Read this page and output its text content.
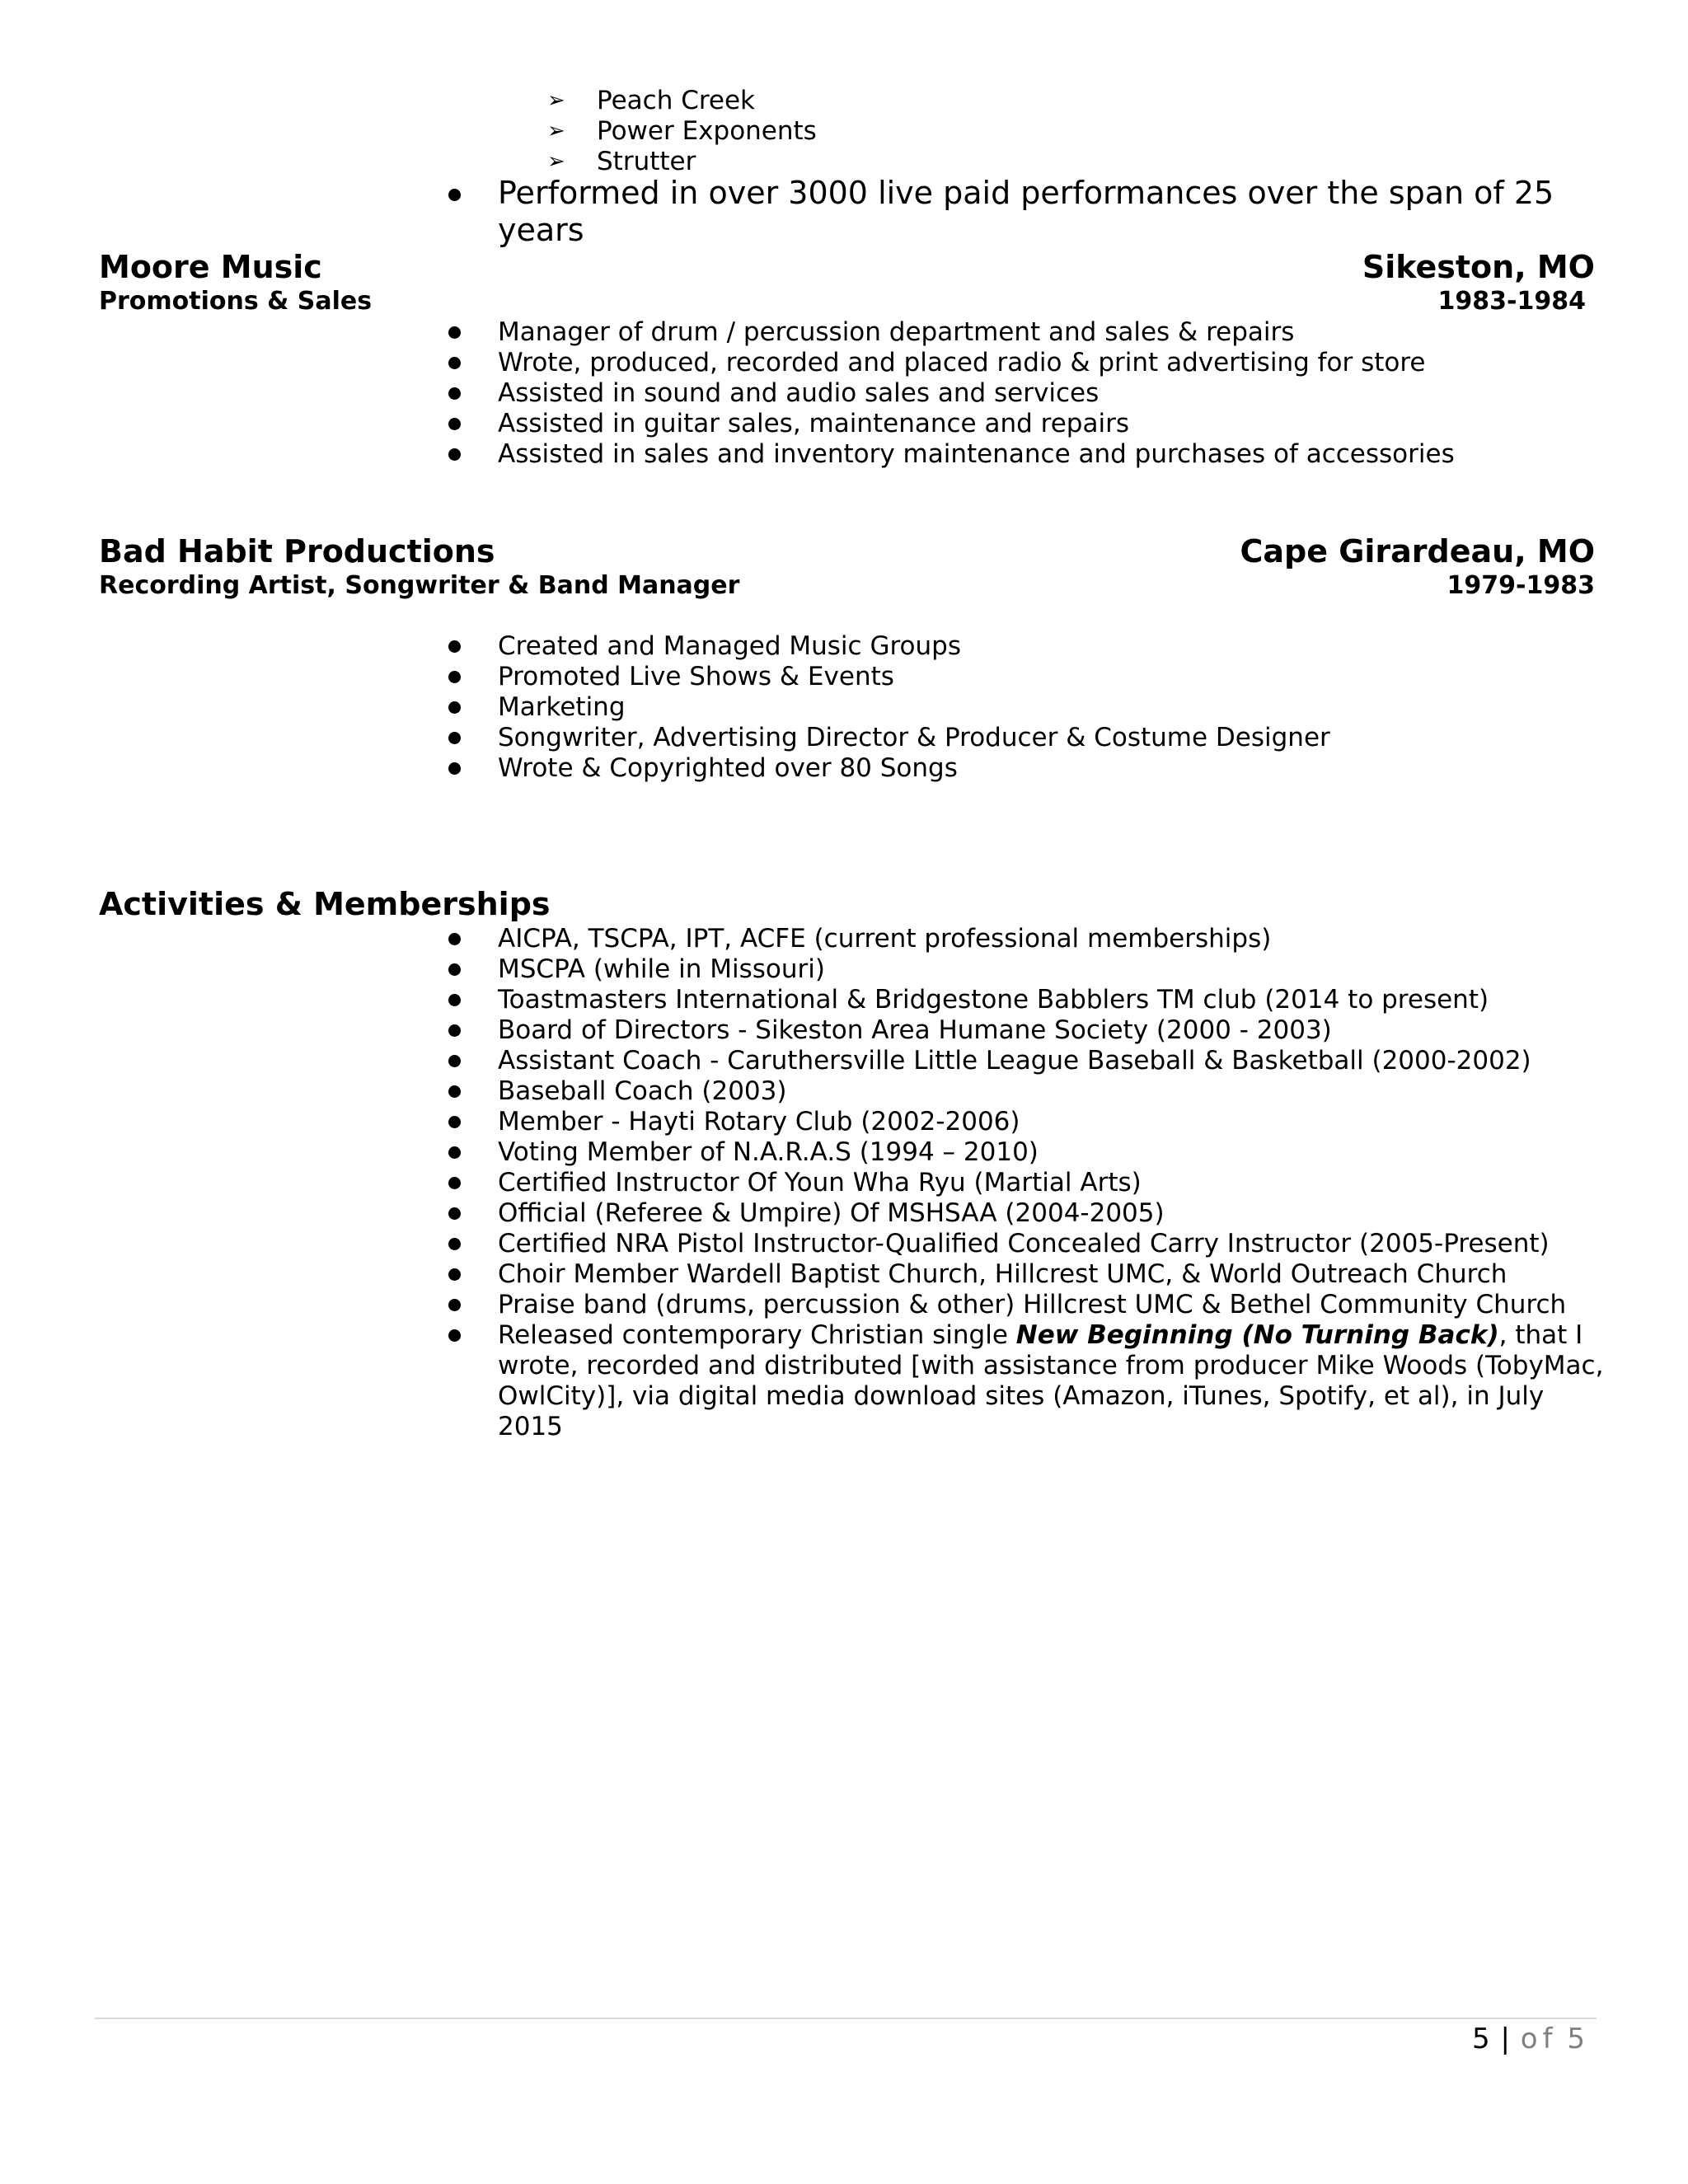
➢ Peach Creek
➢ Power Exponents
➢ Strutter
Performed in over 3000 live paid performances over the span of 25 years
Moore Music	Sikeston, MO
Promotions & Sales	1983-1984
Manager of drum / percussion department and sales & repairs
Wrote, produced, recorded and placed radio & print advertising for store
Assisted in sound and audio sales and services
Assisted in guitar sales, maintenance and repairs
Assisted in sales and inventory maintenance and purchases of accessories
Bad Habit Productions	Cape Girardeau, MO
Recording Artist, Songwriter & Band Manager	1979-1983
Created and Managed Music Groups
Promoted Live Shows & Events
Marketing
Songwriter, Advertising Director & Producer & Costume Designer
Wrote & Copyrighted over 80 Songs
Activities & Memberships
AICPA, TSCPA, IPT, ACFE (current professional memberships)
MSCPA (while in Missouri)
Toastmasters International & Bridgestone Babblers TM club (2014 to present)
Board of Directors - Sikeston Area Humane Society (2000 - 2003)
Assistant Coach - Caruthersville Little League Baseball & Basketball (2000-2002)
Baseball Coach (2003)
Member - Hayti Rotary Club (2002-2006)
Voting Member of N.A.R.A.S (1994 – 2010)
Certified Instructor Of Youn Wha Ryu (Martial Arts)
Official (Referee & Umpire) Of MSHSAA (2004-2005)
Certified NRA Pistol Instructor-Qualified Concealed Carry Instructor (2005-Present)
Choir Member Wardell Baptist Church, Hillcrest UMC, & World Outreach Church
Praise band (drums, percussion & other) Hillcrest UMC & Bethel Community Church
Released contemporary Christian single New Beginning (No Turning Back), that I
wrote, recorded and distributed [with assistance from producer Mike Woods (TobyMac,
OwlCity)], via digital media download sites (Amazon, iTunes, Spotify, et al), in July
2015
5 | of 5
